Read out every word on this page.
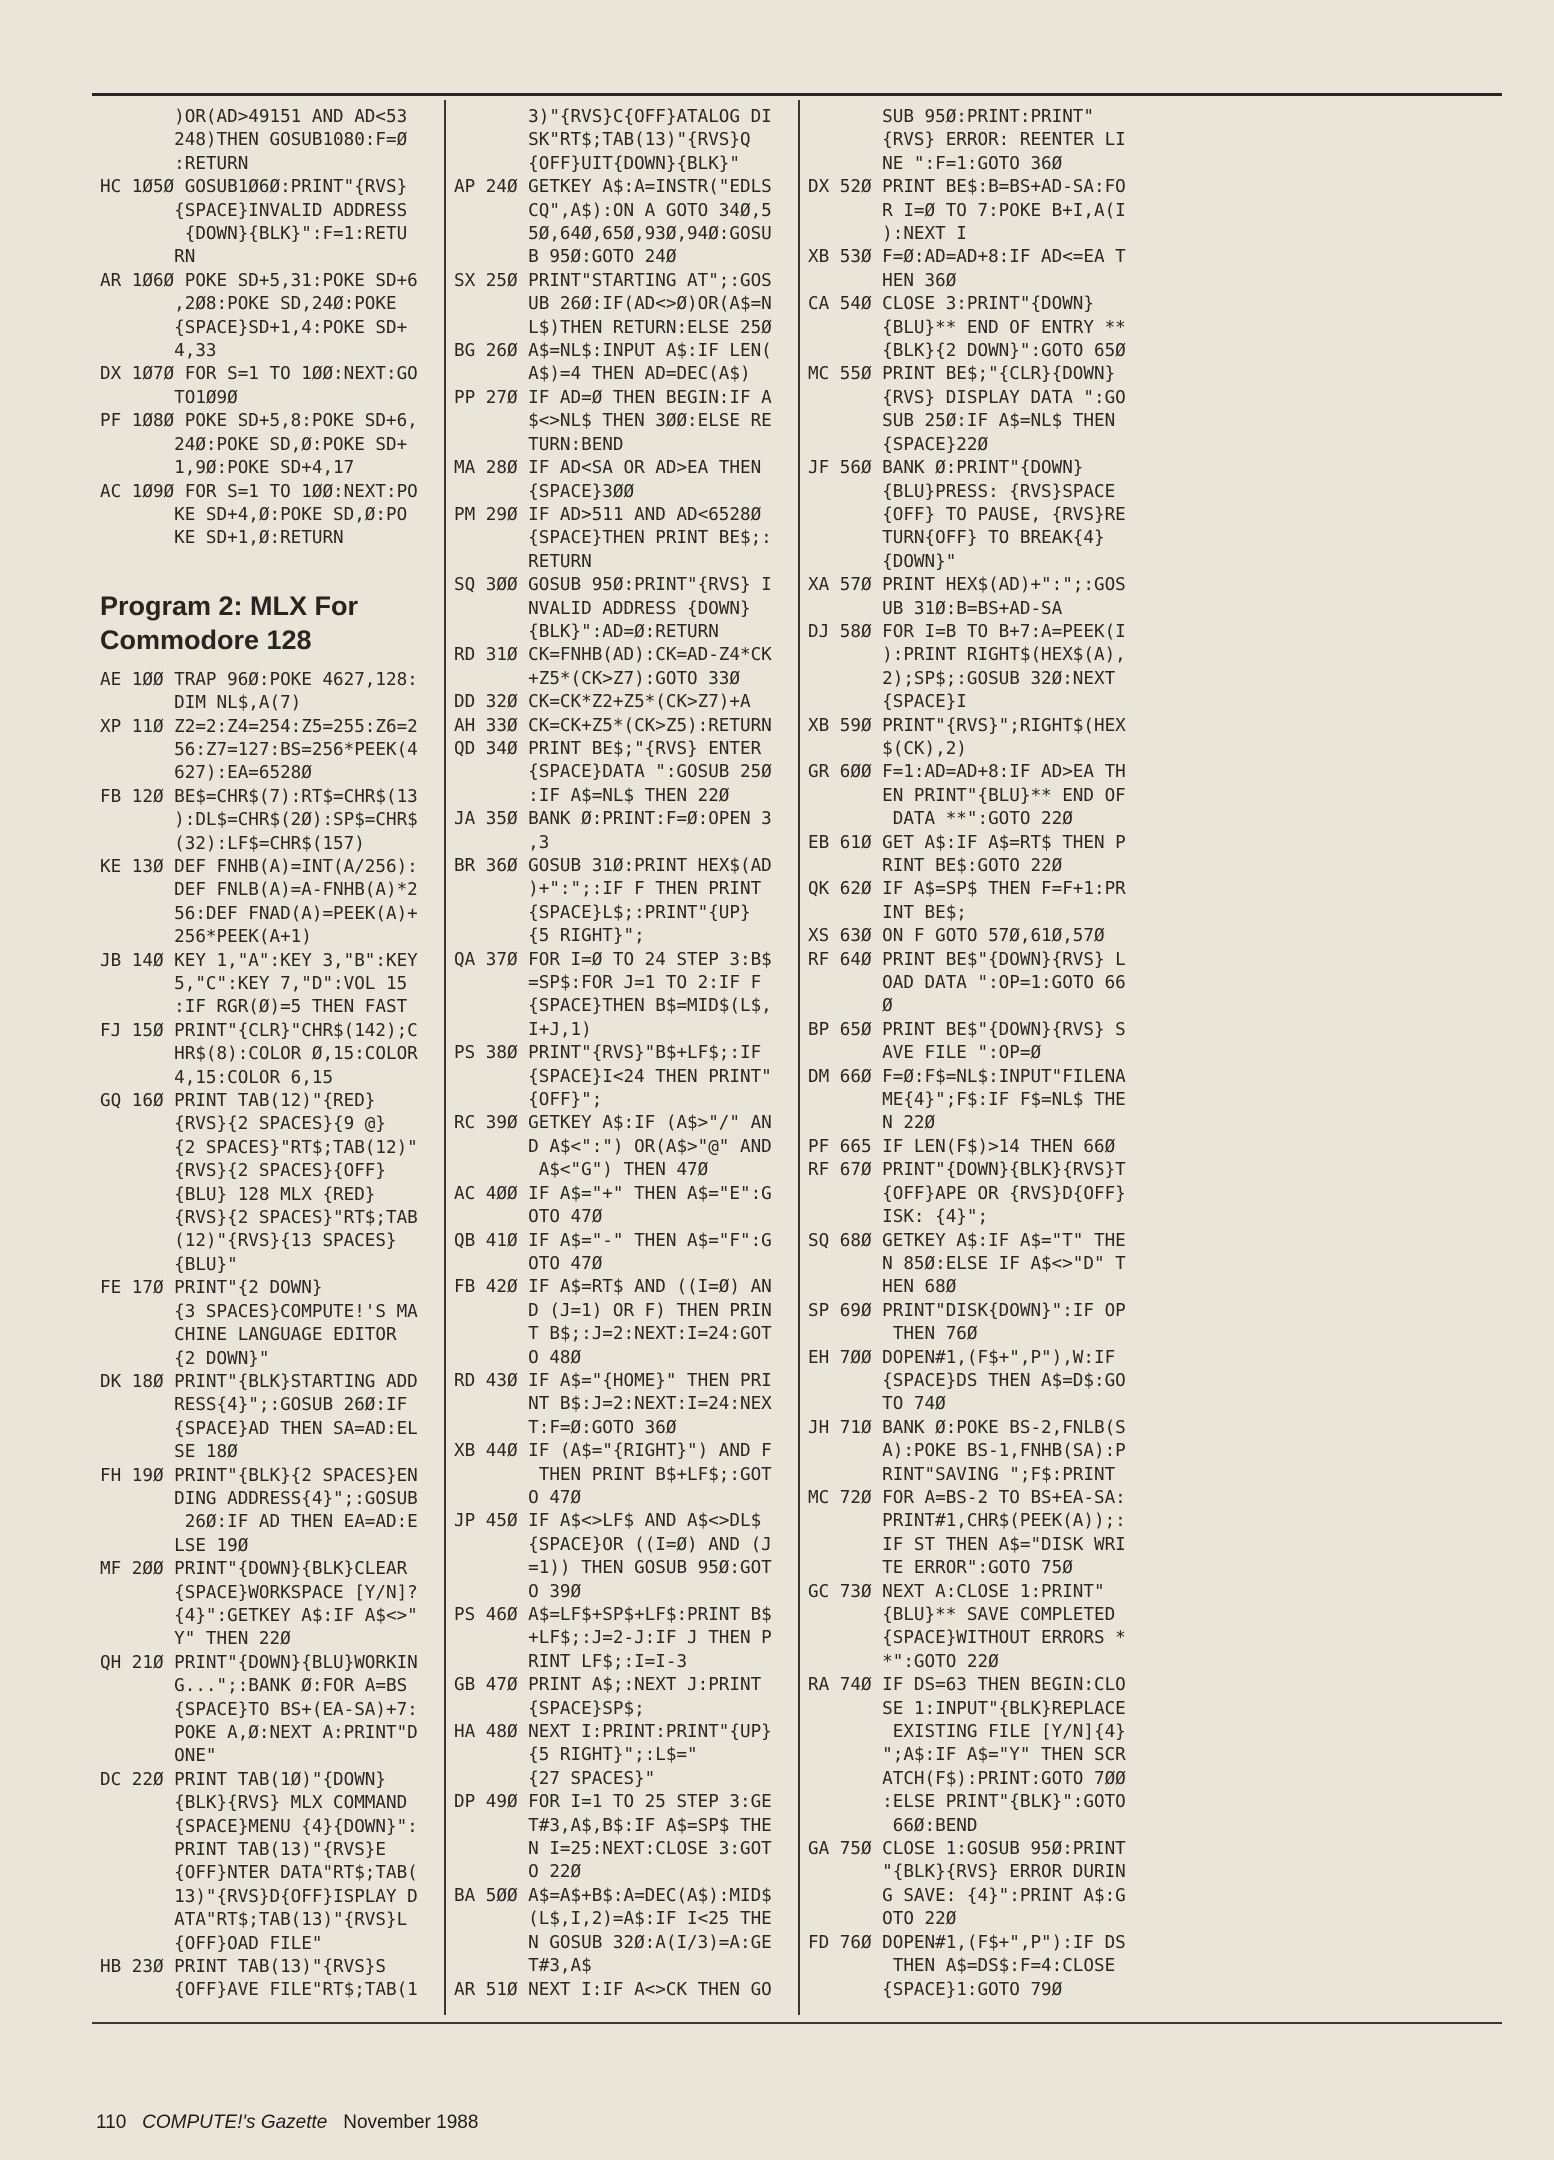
)OR(AD>49151 AND AD<53
248)THEN GOSUB1080:F=Ø
:RETURN
HC 1Ø5Ø GOSUB1Ø6Ø:PRINT"{RVS}
{SPACE}INVALID ADDRESS
{DOWN}{BLK}":F=1:RETU
RN
AR 1Ø6Ø POKE SD+5,31:POKE SD+6
,2Ø8:POKE SD,24Ø:POKE
{SPACE}SD+1,4:POKE SD+
4,33
DX 1Ø7Ø FOR S=1 TO 1ØØ:NEXT:GO
TO1Ø9Ø
PF 1Ø8Ø POKE SD+5,8:POKE SD+6,
24Ø:POKE SD,Ø:POKE SD+
1,9Ø:POKE SD+4,17
AC 1Ø9Ø FOR S=1 TO 1ØØ:NEXT:PO
KE SD+4,Ø:POKE SD,Ø:PO
KE SD+1,Ø:RETURN
Program 2: MLX For Commodore 128
AE 1ØØ TRAP 96Ø:POKE 4627,128:
DIM NL$,A(7)
XP 11Ø Z2=2:Z4=254:Z5=255:Z6=2
56:Z7=127:BS=256*PEEK(4
627):EA=6528Ø
FB 12Ø BE$=CHR$(7):RT$=CHR$(13
):DL$=CHR$(2Ø):SP$=CHR$
(32):LF$=CHR$(157)
KE 13Ø DEF FNHB(A)=INT(A/256):
DEF FNLB(A)=A-FNHB(A)*2
56:DEF FNAD(A)=PEEK(A)+
256*PEEK(A+1)
JB 14Ø KEY 1,"A":KEY 3,"B":KEY
5,"C":KEY 7,"D":VOL 15
:IF RGR(Ø)=5 THEN FAST
FJ 15Ø PRINT"{CLR}"CHR$(142);C
HR$(8):COLOR Ø,15:COLOR
4,15:COLOR 6,15
GQ 16Ø PRINT TAB(12)"{RED}
{RVS}{2 SPACES}{9 @}
{2 SPACES}"RT$;TAB(12)"
{RVS}{2 SPACES}{OFF}
{BLU} 128 MLX {RED}
{RVS}{2 SPACES}"RT$;TAB
(12)"{RVS}{13 SPACES}
{BLU}"
FE 17Ø PRINT"{2 DOWN}
{3 SPACES}COMPUTE!'S MA
CHINE LANGUAGE EDITOR
{2 DOWN}"
DK 18Ø PRINT"{BLK}STARTING ADD
RESS{4}";:GOSUB 26Ø:IF
{SPACE}AD THEN SA=AD:EL
SE 18Ø
FH 19Ø PRINT"{BLK}{2 SPACES}EN
DING ADDRESS{4}";:GOSUB
26Ø:IF AD THEN EA=AD:E
LSE 19Ø
MF 2ØØ PRINT"{DOWN}{BLK}CLEAR
{SPACE}WORKSPACE [Y/N]?
{4}":GETKEY A$:IF A$<>"
Y" THEN 22Ø
QH 21Ø PRINT"{DOWN}{BLU}WORKIN
G...";:BANK Ø:FOR A=BS
{SPACE}TO BS+(EA-SA)+7:
POKE A,Ø:NEXT A:PRINT"D
ONE"
DC 22Ø PRINT TAB(1Ø)"{DOWN}
{BLK}{RVS} MLX COMMAND
{SPACE}MENU {4}{DOWN}":
PRINT TAB(13)"{RVS}E
{OFF}NTER DATA"RT$;TAB(
13)"{RVS}D{OFF}ISPLAY D
ATA"RT$;TAB(13)"{RVS}L
{OFF}OAD FILE"
HB 23Ø PRINT TAB(13)"{RVS}S
{OFF}AVE FILE"RT$;TAB(1
3)"{RVS}C{OFF}ATALOG DI
SK"RT$;TAB(13)"{RVS}Q
{OFF}UIT{DOWN}{BLK}"
AP 24Ø GETKEY A$:A=INSTR("EDLS
CQ",A$):ON A GOTO 34Ø,5
5Ø,64Ø,65Ø,93Ø,94Ø:GOSU
B 95Ø:GOTO 24Ø
SX 25Ø PRINT"STARTING AT";:GOS
UB 26Ø:IF(AD<>Ø)OR(A$=N
L$)THEN RETURN:ELSE 25Ø
BG 26Ø A$=NL$:INPUT A$:IF LEN(
A$)=4 THEN AD=DEC(A$)
PP 27Ø IF AD=Ø THEN BEGIN:IF A
$<>NL$ THEN 3ØØ:ELSE RE
TURN:BEND
MA 28Ø IF AD<SA OR AD>EA THEN
{SPACE}3ØØ
PM 29Ø IF AD>511 AND AD<6528Ø
{SPACE}THEN PRINT BE$;:
RETURN
SQ 3ØØ GOSUB 95Ø:PRINT"{RVS} I
NVALID ADDRESS {DOWN}
{BLK}":AD=Ø:RETURN
RD 31Ø CK=FNHB(AD):CK=AD-Z4*CK
+Z5*(CK>Z7):GOTO 33Ø
DD 32Ø CK=CK*Z2+Z5*(CK>Z7)+A
AH 33Ø CK=CK+Z5*(CK>Z5):RETURN
QD 34Ø PRINT BE$;"{RVS} ENTER
{SPACE}DATA ":GOSUB 25Ø
:IF A$=NL$ THEN 22Ø
JA 35Ø BANK Ø:PRINT:F=Ø:OPEN 3
,3
BR 36Ø GOSUB 31Ø:PRINT HEX$(AD
)+":";:IF F THEN PRINT
{SPACE}L$;:PRINT"{UP}
{5 RIGHT}";
QA 37Ø FOR I=Ø TO 24 STEP 3:B$
=SP$:FOR J=1 TO 2:IF F
{SPACE}THEN B$=MID$(L$,
I+J,1)
PS 38Ø PRINT"{RVS}"B$+LF$;:IF
{SPACE}I<24 THEN PRINT"
{OFF}";
RC 39Ø GETKEY A$:IF (A$>"/" AN
D A$<":") OR(A$>"@" AND
A$<"G") THEN 47Ø
AC 4ØØ IF A$="+" THEN A$="E":G
OTO 47Ø
QB 41Ø IF A$="-" THEN A$="F":G
OTO 47Ø
FB 42Ø IF A$=RT$ AND ((I=Ø) AN
D (J=1) OR F) THEN PRIN
T B$;:J=2:NEXT:I=24:GOT
O 48Ø
RD 43Ø IF A$="{HOME}" THEN PRI
NT B$:J=2:NEXT:I=24:NEX
T:F=Ø:GOTO 36Ø
XB 44Ø IF (A$="{RIGHT}") AND F
THEN PRINT B$+LF$;:GOT
O 47Ø
JP 45Ø IF A$<>LF$ AND A$<>DL$
{SPACE}OR ((I=Ø) AND (J
=1)) THEN GOSUB 95Ø:GOT
O 39Ø
PS 46Ø A$=LF$+SP$+LF$:PRINT B$
+LF$;:J=2-J:IF J THEN P
RINT LF$;:I=I-3
GB 47Ø PRINT A$;:NEXT J:PRINT
{SPACE}SP$;
HA 48Ø NEXT I:PRINT:PRINT"{UP}
{5 RIGHT}";:L$="
{27 SPACES}"
DP 49Ø FOR I=1 TO 25 STEP 3:GE
T#3,A$,B$:IF A$=SP$ THE
N I=25:NEXT:CLOSE 3:GOT
O 22Ø
BA 5ØØ A$=A$+B$:A=DEC(A$):MID$
(L$,I,2)=A$:IF I<25 THE
N GOSUB 32Ø:A(I/3)=A:GE
T#3,A$
AR 51Ø NEXT I:IF A<>CK THEN GO
SUB 95Ø:PRINT:PRINT"
{RVS} ERROR: REENTER LI
NE ":F=1:GOTO 36Ø
DX 52Ø PRINT BE$:B=BS+AD-SA:FO
R I=Ø TO 7:POKE B+I,A(I
):NEXT I
XB 53Ø F=Ø:AD=AD+8:IF AD<=EA T
HEN 36Ø
CA 54Ø CLOSE 3:PRINT"{DOWN}
{BLU}** END OF ENTRY **
{BLK}{2 DOWN}":GOTO 65Ø
MC 55Ø PRINT BE$;"{CLR}{DOWN}
{RVS} DISPLAY DATA ":GO
SUB 25Ø:IF A$=NL$ THEN
{SPACE}22Ø
JF 56Ø BANK Ø:PRINT"{DOWN}
{BLU}PRESS: {RVS}SPACE
{OFF} TO PAUSE, {RVS}RE
TURN{OFF} TO BREAK{4}
{DOWN}"
XA 57Ø PRINT HEX$(AD)+":";:GOS
UB 31Ø:B=BS+AD-SA
DJ 58Ø FOR I=B TO B+7:A=PEEK(I
):PRINT RIGHT$(HEX$(A),
2);SP$;:GOSUB 32Ø:NEXT
{SPACE}I
XB 59Ø PRINT"{RVS}";RIGHT$(HEX
$(CK),2)
GR 6ØØ F=1:AD=AD+8:IF AD>EA TH
EN PRINT"{BLU}** END OF
DATA **":GOTO 22Ø
EB 61Ø GET A$:IF A$=RT$ THEN P
RINT BE$:GOTO 22Ø
QK 62Ø IF A$=SP$ THEN F=F+1:PR
INT BE$;
XS 63Ø ON F GOTO 57Ø,61Ø,57Ø
RF 64Ø PRINT BE$"{DOWN}{RVS} L
OAD DATA ":OP=1:GOTO 66
Ø
BP 65Ø PRINT BE$"{DOWN}{RVS} S
AVE FILE ":OP=Ø
DM 66Ø F=Ø:F$=NL$:INPUT"FILENA
ME{4}";F$:IF F$=NL$ THE
N 22Ø
PF 665 IF LEN(F$)>14 THEN 66Ø
RF 67Ø PRINT"{DOWN}{BLK}{RVS}T
{OFF}APE OR {RVS}D{OFF}
ISK: {4}";
SQ 68Ø GETKEY A$:IF A$="T" THE
N 85Ø:ELSE IF A$<>"D" T
HEN 68Ø
SP 69Ø PRINT"DISK{DOWN}":IF OP
THEN 76Ø
EH 7ØØ DOPEN#1,(F$+",P"),W:IF
{SPACE}DS THEN A$=D$:GO
TO 74Ø
JH 71Ø BANK Ø:POKE BS-2,FNLB(S
A):POKE BS-1,FNHB(SA):P
RINT"SAVING ";F$:PRINT
MC 72Ø FOR A=BS-2 TO BS+EA-SA:
PRINT#1,CHR$(PEEK(A));:
IF ST THEN A$="DISK WRI
TE ERROR":GOTO 75Ø
GC 73Ø NEXT A:CLOSE 1:PRINT"
{BLU}** SAVE COMPLETED
{SPACE}WITHOUT ERRORS *
*":GOTO 22Ø
RA 74Ø IF DS=63 THEN BEGIN:CLO
SE 1:INPUT"{BLK}REPLACE
EXISTING FILE [Y/N]{4}
";A$:IF A$="Y" THEN SCR
ATCH(F$):PRINT:GOTO 7ØØ
:ELSE PRINT"{BLK}":GOTO
66Ø:BEND
GA 75Ø CLOSE 1:GOSUB 95Ø:PRINT
"{BLK}{RVS} ERROR DURIN
G SAVE: {4}":PRINT A$:G
OTO 22Ø
FD 76Ø DOPEN#1,(F$+",P"):IF DS
THEN A$=DS$:F=4:CLOSE
{SPACE}1:GOTO 79Ø
110 COMPUTE!'s Gazette November 1988
